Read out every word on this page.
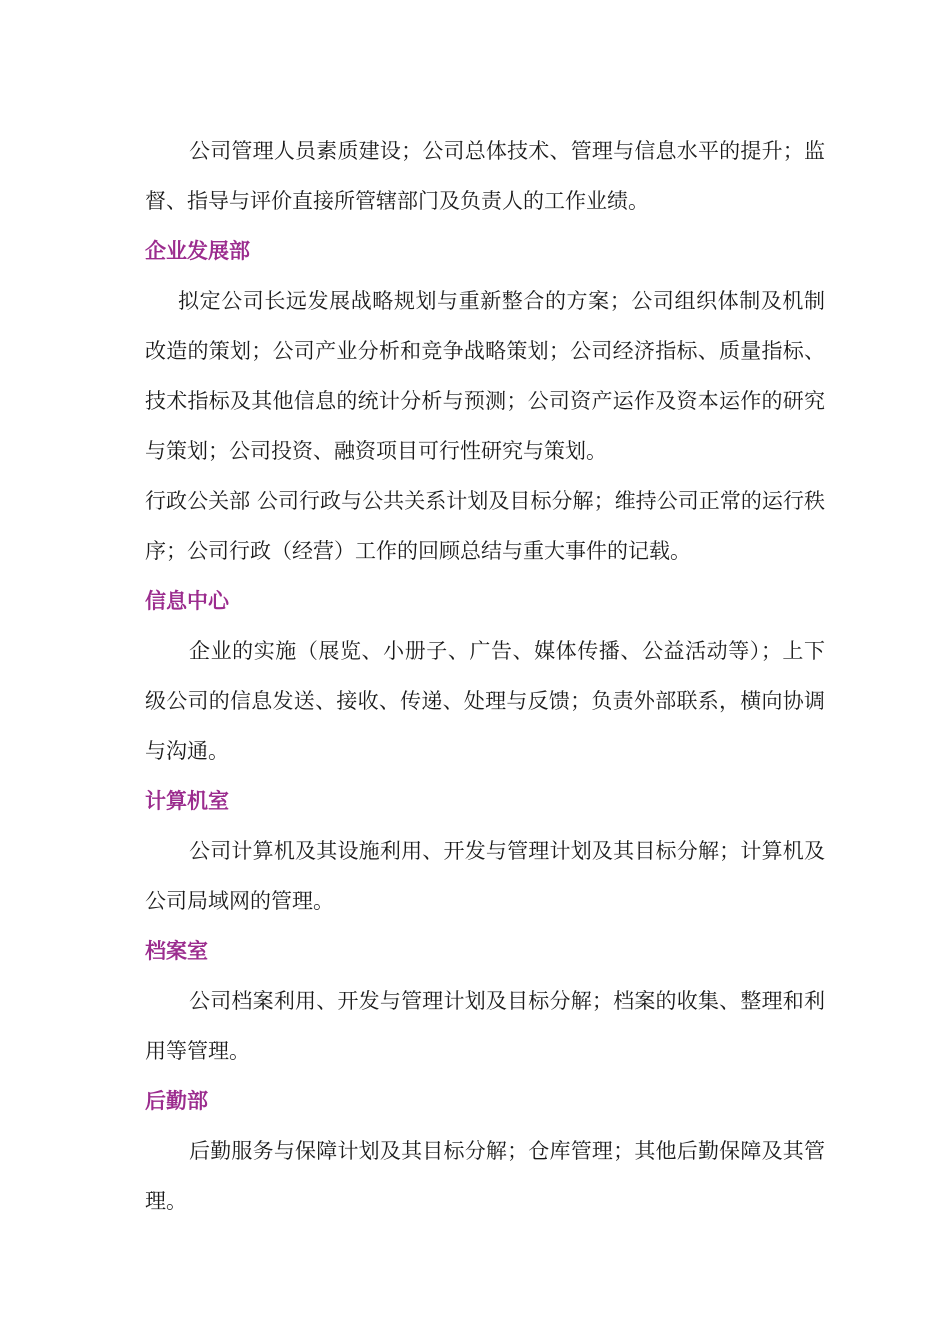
公司管理人员素质建设；公司总体技术、管理与信息水平的提升；监督、指导与评价直接所管辖部门及负责人的工作业绩。

企业发展部

拟定公司长远发展战略规划与重新整合的方案；公司组织体制及机制改造的策划；公司产业分析和竞争战略策划；公司经济指标、质量指标、技术指标及其他信息的统计分析与预测；公司资产运作及资本运作的研究与策划；公司投资、融资项目可行性研究与策划。

行政公关部 公司行政与公共关系计划及目标分解；维持公司正常的运行秩序；公司行政（经营）工作的回顾总结与重大事件的记载。

信息中心

企业的实施（展览、小册子、广告、媒体传播、公益活动等）；上下级公司的信息发送、接收、传递、处理与反馈；负责外部联系，横向协调与沟通。

计算机室

公司计算机及其设施利用、开发与管理计划及其目标分解；计算机及公司局域网的管理。

档案室

公司档案利用、开发与管理计划及目标分解；档案的收集、整理和利用等管理。

后勤部

后勤服务与保障计划及其目标分解；仓库管理；其他后勤保障及其管理。
